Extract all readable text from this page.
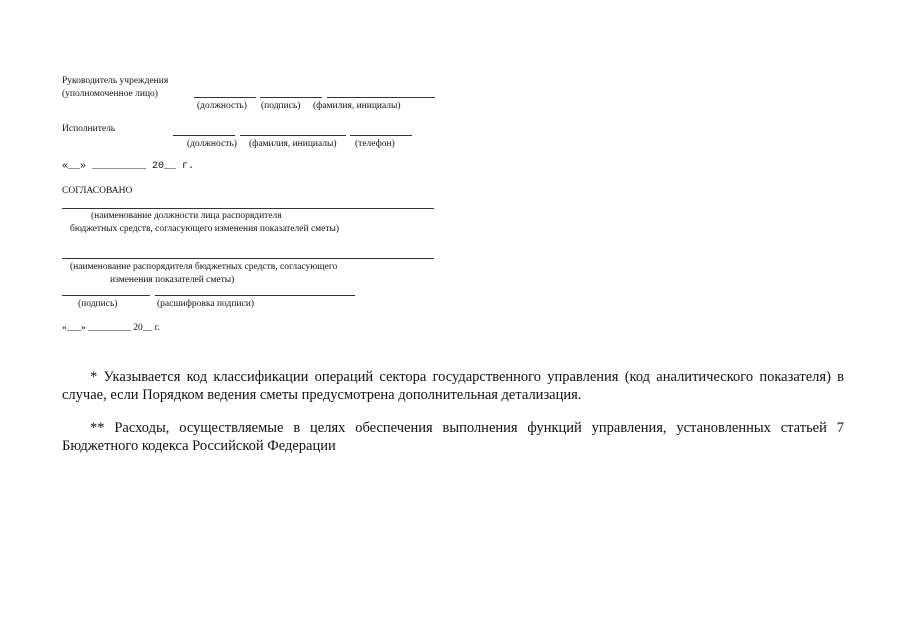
Руководитель учреждения
(уполномоченное лицо)
(должность) (подпись) (фамилия, инициалы)
Исполнитель
(должность) (фамилия, инициалы) (телефон)
«__» _________ 20__ г.
СОГЛАСОВАНО
(наименование должности лица распорядителя
бюджетных средств, согласующего изменения показателей сметы)
(наименование распорядителя бюджетных средств, согласующего
изменения показателей сметы)
(подпись)	(расшифровка подписи)
«___» _________ 20__ г.
* Указывается код классификации операций сектора государственного управления (код аналитического показателя) в случае, если Порядком ведения сметы предусмотрена дополнительная детализация.
** Расходы, осуществляемые в целях обеспечения выполнения функций управления, установленных статьей 7 Бюджетного кодекса Российской Федерации
